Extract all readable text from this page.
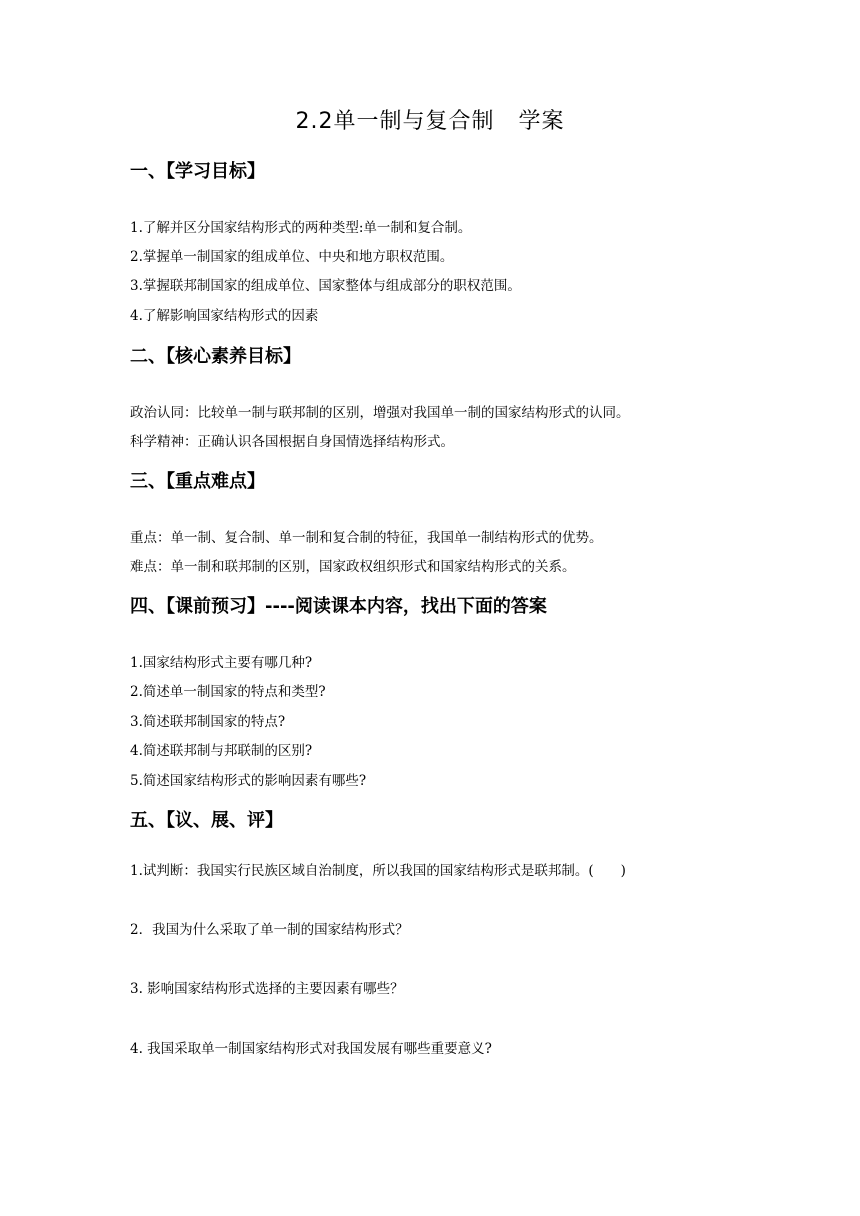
2.2单一制与复合制 学案
一、【学习目标】
1.了解并区分国家结构形式的两种类型:单一制和复合制。
2.掌握单一制国家的组成单位、中央和地方职权范围。
3.掌握联邦制国家的组成单位、国家整体与组成部分的职权范围。
4.了解影响国家结构形式的因素
二、【核心素养目标】
政治认同：比较单一制与联邦制的区别，增强对我国单一制的国家结构形式的认同。
科学精神：正确认识各国根据自身国情选择结构形式。
三、【重点难点】
重点：单一制、复合制、单一制和复合制的特征，我国单一制结构形式的优势。
难点：单一制和联邦制的区别，国家政权组织形式和国家结构形式的关系。
四、【课前预习】----阅读课本内容，找出下面的答案
1.国家结构形式主要有哪几种?
2.简述单一制国家的特点和类型?
3.简述联邦制国家的特点?
4.简述联邦制与邦联制的区别?
5.简述国家结构形式的影响因素有哪些?
五、【议、展、评】
1.试判断：我国实行民族区域自治制度，所以我国的国家结构形式是联邦制。(　　)
2．我国为什么采取了单一制的国家结构形式？
3. 影响国家结构形式选择的主要因素有哪些？
4. 我国采取单一制国家结构形式对我国发展有哪些重要意义?
